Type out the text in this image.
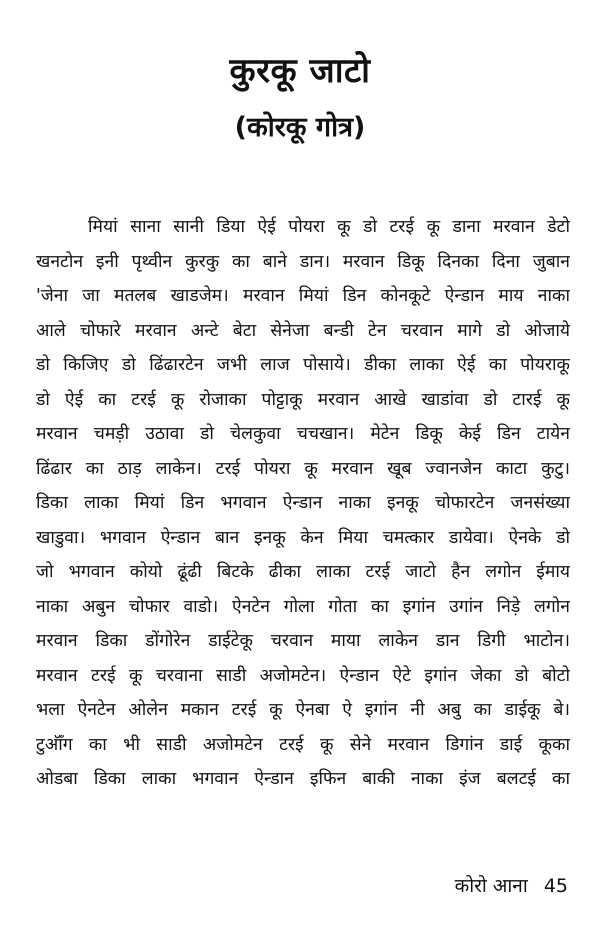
कुरकू जाटो
(कोरकू गोत्र)
मियां साना सानी डिया ऐई पोयरा कू डो टरई कू डाना मरवान डेटो
खनटोन इनी पृथ्वीन कुरकु का बाने डान। मरवान डिकू दिनका दिना जुबान
'जेना जा मतलब खाडजेम। मरवान मियां डिन कोनकूटे ऐन्डान माय नाका
आले चोफारे मरवान अन्टे बेटा सेनेजा बन्डी टेन चरवान मागे डो ओजाये
डो किजिए डो ढिंढारटेन जभी लाज पोसाये। डीका लाका ऐई का पोयराकू
डो ऐई का टरई कू रोजाका पोट्टाकू मरवान आखे खाडांवा डो टारई कू
मरवान चमड़ी उठावा डो चेलकुवा चचखान। मेटेन डिकू केई डिन टायेन
ढिंढार का ठाड़ लाकेन। टरई पोयरा कू मरवान खूब ज्वानजेन काटा कुटु।
डिका लाका मियां डिन भगवान ऐन्डान नाका इनकू चोफारटेन जनसंख्या
खाडुवा। भगवान ऐन्डान बान इनकू केन मिया चमत्कार डायेवा। ऐनके डो
जो भगवान कोयो ढूंढी बिटके ढीका लाका टरई जाटो हैन लगोन ईमाय
नाका अबुन चोफार वाडो। ऐनटेन गोला गोता का इगांन उगांन निड़े लगोन
मरवान डिका डोंगोरेन डाईटेकू चरवान माया लाकेन डान डिगी भाटोन।
मरवान टरई कू चरवाना साडी अजोमटेन। ऐन्डान ऐटे इगांन जेका डो बोटो
भला ऐनटेन ओलेन मकान टरई कू ऐनबा ऐ इगांन नी अबु का डाईकू बे।
टुऑँग का भी साडी अजोमटेन टरई कू सेने मरवान डिगांन डाई कूका
ओडबा डिका लाका भगवान ऐन्डान इफिन बाकी नाका इंज बलटई का
कोरो आना 45
